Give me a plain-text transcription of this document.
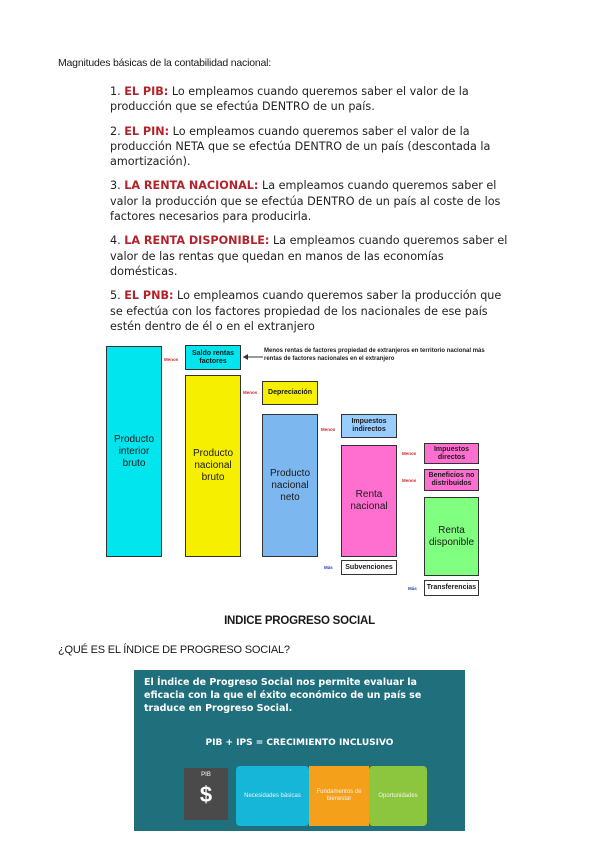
Magnitudes básicas de la contabilidad nacional:
1. EL PIB: Lo empleamos cuando queremos saber el valor de la producción que se efectúa DENTRO de un país.
2. EL PIN: Lo empleamos cuando queremos saber el valor de la producción NETA que se efectúa DENTRO de un país (descontada la amortización).
3. LA RENTA NACIONAL: La empleamos cuando queremos saber el valor la producción que se efectúa DENTRO de un país al coste de los factores necesarios para producirla.
4. LA RENTA DISPONIBLE: La empleamos cuando queremos saber el valor de las rentas que quedan en manos de las economías domésticas.
5. EL PNB: Lo empleamos cuando queremos saber la producción que se efectúa con los factores propiedad de los nacionales de ese país estén dentro de él o en el extranjero
Producto interior bruto
Menos
Saldo rentas factores
Producto nacional bruto
Menos rentas de factores propiedad de extranjeros en territorio nacional más rentas de factores nacionales en el extranjero
Menos Depreciación
Producto nacional neto
Menos
Impuestos indirectos
Renta nacional
Más Subvenciones
Menos
Impuestos directos
Menos
Beneficios no distribuidos
Renta disponible
Más Transferencias
INDICE PROGRESO SOCIAL
¿QUÉ ES EL ÍNDICE DE PROGRESO SOCIAL?
El Índice de Progreso Social nos permite evaluar la eficacia con la que el éxito económico de un país se traduce en Progreso Social.
PIB + IPS = CRECIMIENTO INCLUSIVO
PIB
$	Necesidades básicas
Fundamentos de bienestar
Oportunidades
